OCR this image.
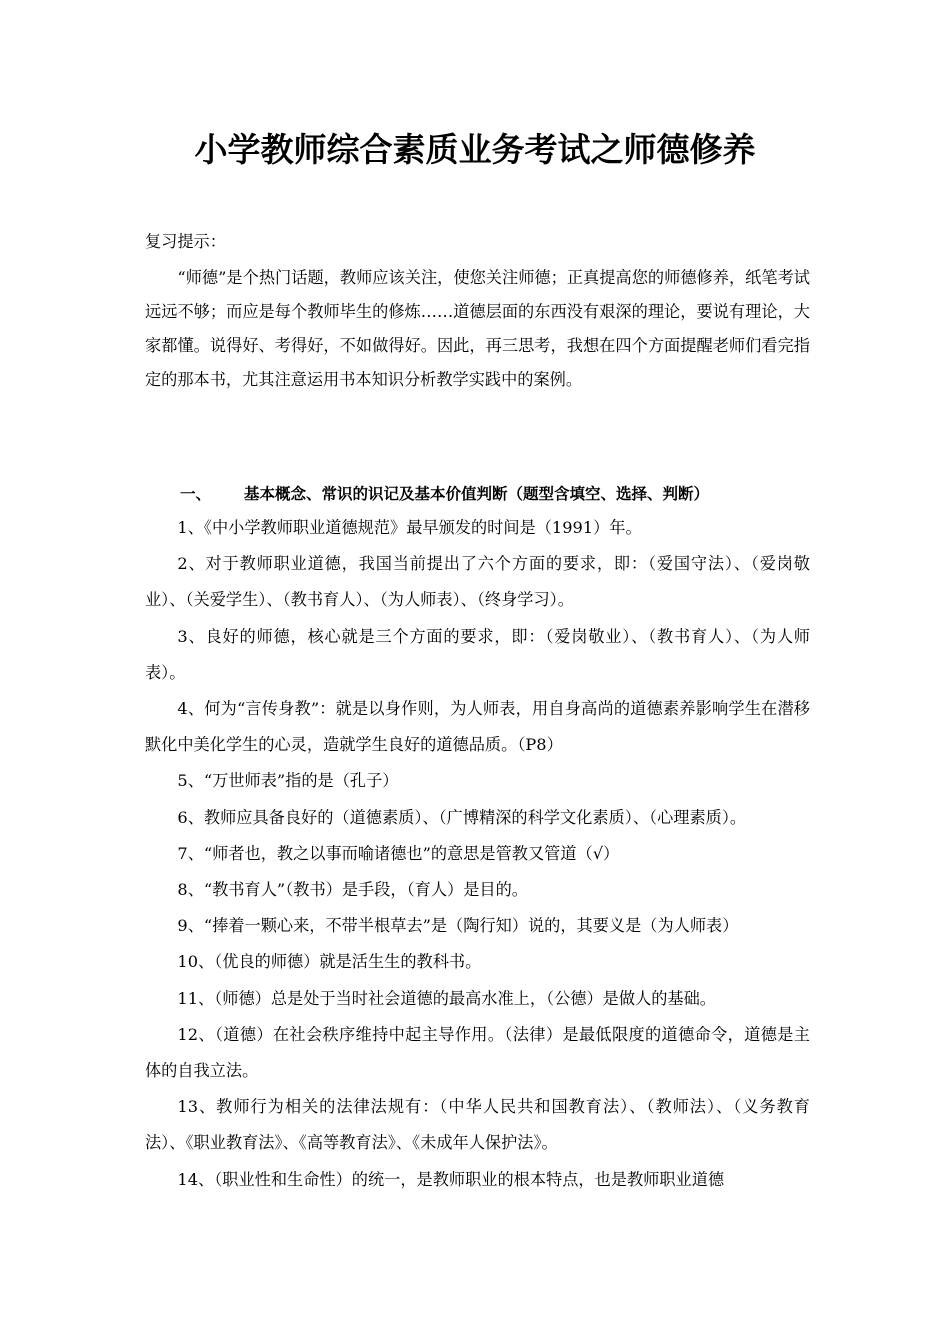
小学教师综合素质业务考试之师德修养
复习提示：

“师德”是个热门话题，教师应该关注，使您关注师德；正真提高您的师德修养，纸笔考试远远不够；而应是每个教师毕生的修炼……道德层面的东西没有艰深的理论，要说有理论，大家都懂。说得好、考得好，不如做得好。因此，再三思考，我想在四个方面提醒老师们看完指定的那本书，尤其注意运用书本知识分析教学实践中的案例。

一、 基本概念、常识的识记及基本价值判断（题型含填空、选择、判断）

1、《中小学教师职业道德规范》最早颁发的时间是（1991）年。

2、对于教师职业道德，我国当前提出了六个方面的要求，即：（爱国守法）、（爱岗敬业）、（关爱学生）、（教书育人）、（为人师表）、（终身学习）。

3、良好的师德，核心就是三个方面的要求，即：（爱岗敬业）、（教书育人）、（为人师表）。

4、何为“言传身教”：就是以身作则，为人师表，用自身高尚的道德素养影响学生在潜移默化中美化学生的心灵，造就学生良好的道德品质。（P8）

5、“万世师表”指的是（孔子）

6、教师应具备良好的（道德素质）、（广博精深的科学文化素质）、（心理素质）。

7、“师者也，教之以事而喻诸德也”的意思是管教又管道（√）

8、“教书育人”（教书）是手段，（育人）是目的。

9、“捧着一颗心来，不带半根草去”是（陶行知）说的，其要义是（为人师表）

10、（优良的师德）就是活生生的教科书。

11、（师德）总是处于当时社会道德的最高水准上，（公德）是做人的基础。

12、（道德）在社会秩序维持中起主导作用。（法律）是最低限度的道德命令，道德是主体的自我立法。

13、教师行为相关的法律法规有：（中华人民共和国教育法）、（教师法）、（义务教育法）、《职业教育法》、《高等教育法》、《未成年人保护法》。

14、（职业性和生命性）的统一，是教师职业的根本特点，也是教师职业道德
